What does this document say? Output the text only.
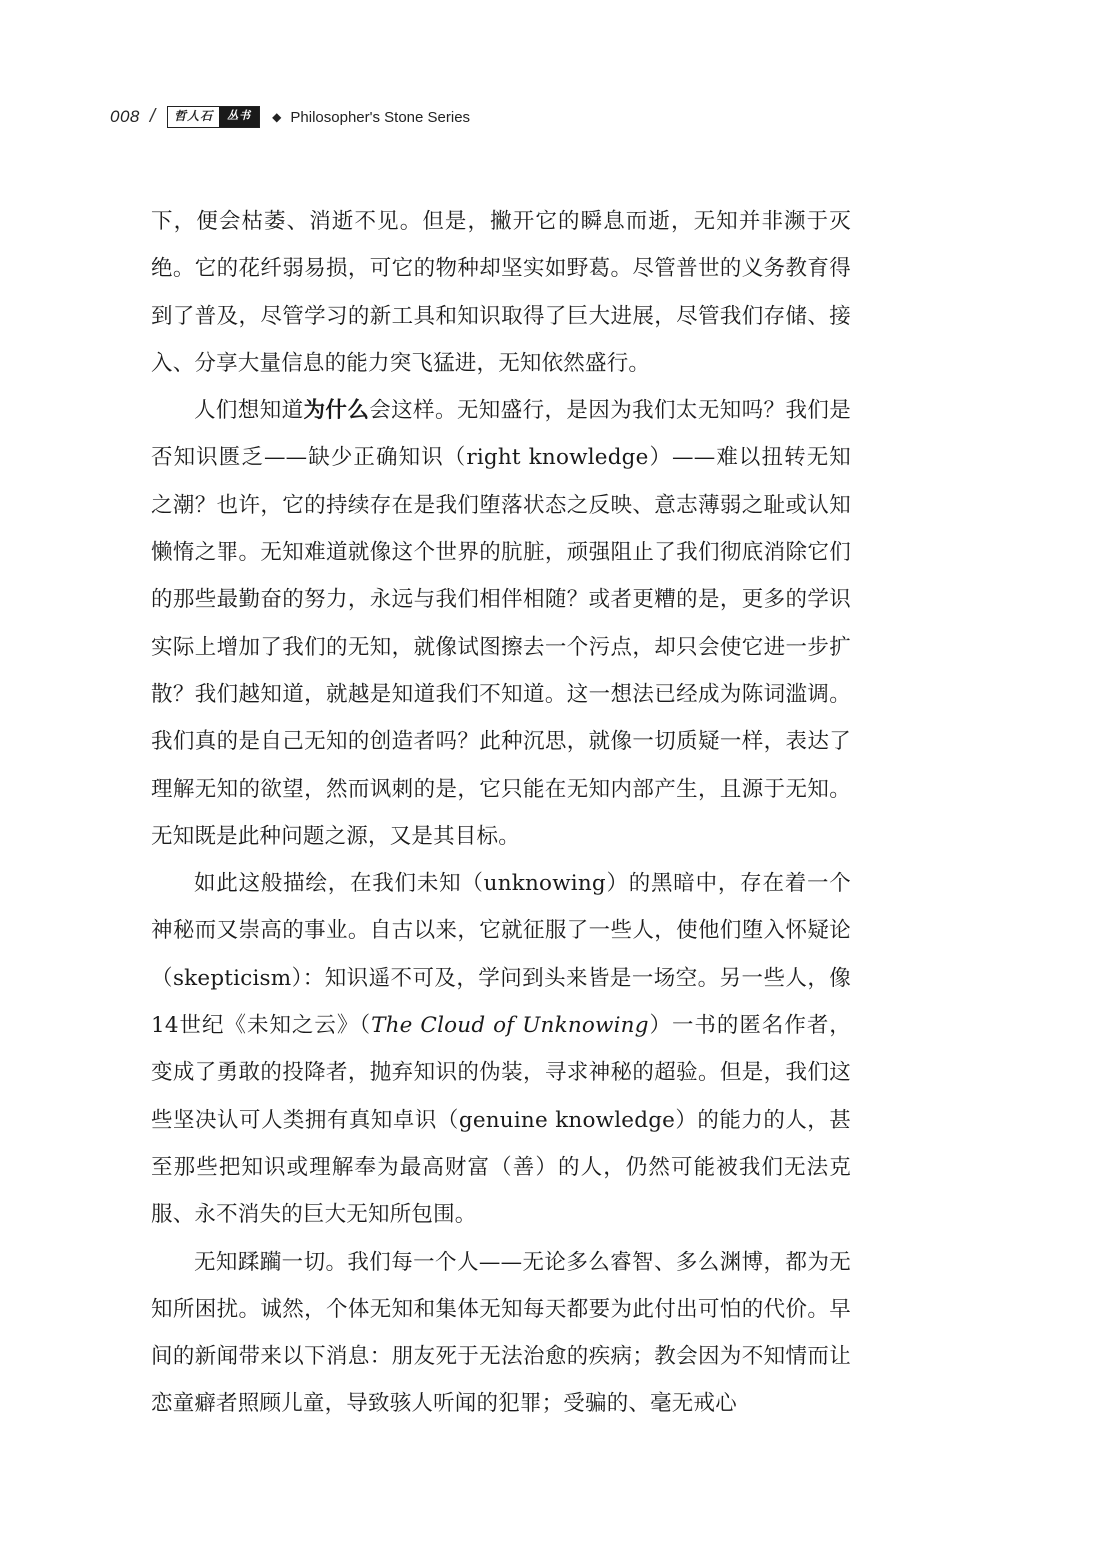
008 /	哲人石	丛书	◆ Philosopher's Stone Series

下，便会枯萎、消逝不见。但是，撇开它的瞬息而逝，无知并非濒于灭绝。它的花纤弱易损，可它的物种却坚实如野葛。尽管普世的义务教育得到了普及，尽管学习的新工具和知识取得了巨大进展，尽管我们存储、接入、分享大量信息的能力突飞猛进，无知依然盛行。

人们想知道为什么会这样。无知盛行，是因为我们太无知吗？我们是否知识匮乏——缺少正确知识（right knowledge）——难以扭转无知之潮？也许，它的持续存在是我们堕落状态之反映、意志薄弱之耻或认知懒惰之罪。无知难道就像这个世界的肮脏，顽强阻止了我们彻底消除它们的那些最勤奋的努力，永远与我们相伴相随？或者更糟的是，更多的学识实际上增加了我们的无知，就像试图擦去一个污点，却只会使它进一步扩散？我们越知道，就越是知道我们不知道。这一想法已经成为陈词滥调。我们真的是自己无知的创造者吗？此种沉思，就像一切质疑一样，表达了理解无知的欲望，然而讽刺的是，它只能在无知内部产生，且源于无知。无知既是此种问题之源，又是其目标。

如此这般描绘，在我们未知（unknowing）的黑暗中，存在着一个神秘而又崇高的事业。自古以来，它就征服了一些人，使他们堕入怀疑论（skepticism）：知识遥不可及，学问到头来皆是一场空。另一些人，像14世纪《未知之云》（The Cloud of Unknowing）一书的匿名作者，变成了勇敢的投降者，抛弃知识的伪装，寻求神秘的超验。但是，我们这些坚决认可人类拥有真知卓识（genuine knowledge）的能力的人，甚至那些把知识或理解奉为最高财富（善）的人，仍然可能被我们无法克服、永不消失的巨大无知所包围。

无知蹂躏一切。我们每一个人——无论多么睿智、多么渊博，都为无知所困扰。诚然，个体无知和集体无知每天都要为此付出可怕的代价。早间的新闻带来以下消息：朋友死于无法治愈的疾病；教会因为不知情而让恋童癖者照顾儿童，导致骇人听闻的犯罪；受骗的、毫无戒心
